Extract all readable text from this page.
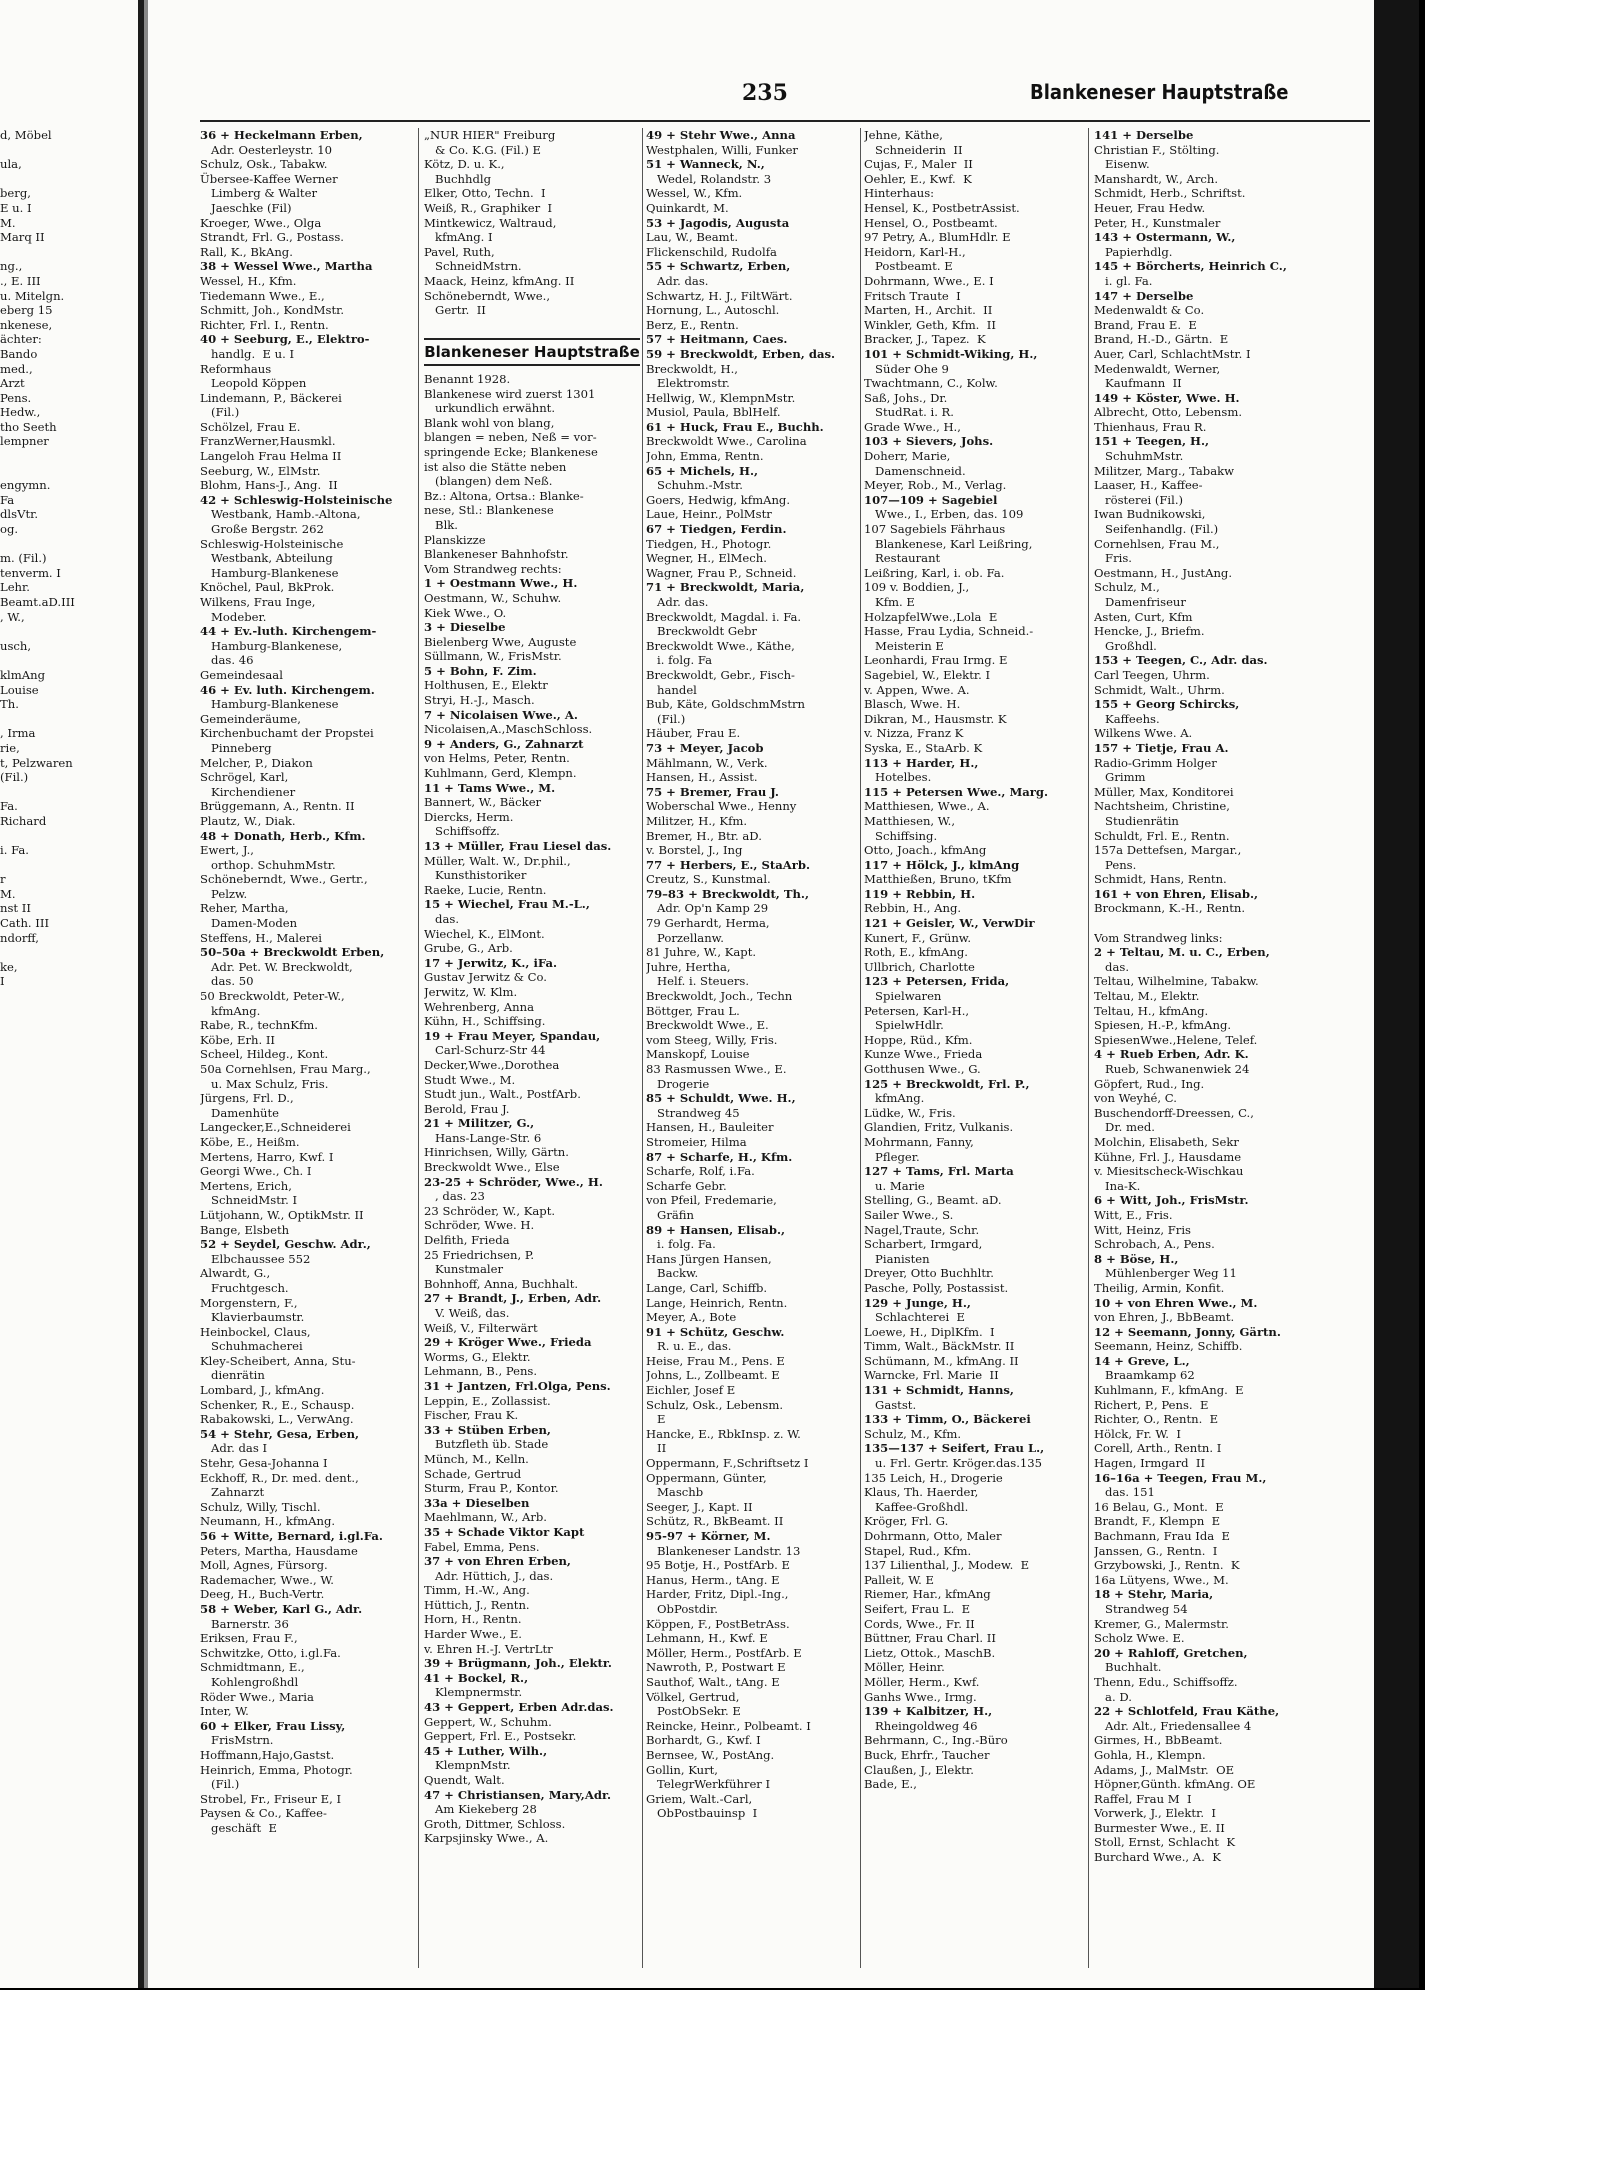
235	Blankeneser Hauptstraße

d, Möbel

ula,

berg,

E u. I

M.

Marq II

ng.,

., E. III

u. Mitelgn.

eberg 15

nkenese,

ächter:

Bando

med.,

Arzt

Pens.

Hedw.,

tho Seeth

lempner

engymn.

Fa

dlsVtr.

og.

m. (Fil.)

tenverm. I

Lehr.

Beamt.aD.III

, W.,

usch,

klmAng

Louise

Th.

, Irma

rie,

t, Pelzwaren

(Fil.)

Fa.

Richard

i. Fa.

r

M.

nst II

Cath. III

ndorff,

ke,

I

36 + Heckelmann Erben,

Adr. Oesterleystr. 10

Schulz, Osk., Tabakw.

Übersee-Kaffee Werner

Limberg & Walter

Jaeschke (Fil)

Kroeger, Wwe., Olga

Strandt, Frl. G., Postass.

Rall, K., BkAng.

38 + Wessel Wwe., Martha

Wessel, H., Kfm.

Tiedemann Wwe., E.,

Schmitt, Joh., KondMstr.

Richter, Frl. I., Rentn.

40 + Seeburg, E., Elektro-

handlg.  E u. I

Reformhaus

Leopold Köppen

Lindemann, P., Bäckerei

(Fil.)

Schölzel, Frau E.

FranzWerner,Hausmkl.

Langeloh Frau Helma II

Seeburg, W., ElMstr.

Blohm, Hans-J., Ang.  II

42 + Schleswig-Holsteinische

Westbank, Hamb.-Altona,

Große Bergstr. 262

Schleswig-Holsteinische

Westbank, Abteilung

Hamburg-Blankenese

Knöchel, Paul, BkProk.

Wilkens, Frau Inge,

Modeber.

44 + Ev.-luth. Kirchengem-

Hamburg-Blankenese,

das. 46

Gemeindesaal

46 + Ev. luth. Kirchengem.

Hamburg-Blankenese

Gemeinderäume,

Kirchenbuchamt der Propstei

Pinneberg

Melcher, P., Diakon

Schrögel, Karl,

Kirchendiener

Brüggemann, A., Rentn. II

Plautz, W., Diak.

48 + Donath, Herb., Kfm.

Ewert, J.,

orthop. SchuhmMstr.

Schöneberndt, Wwe., Gertr.,

Pelzw.

Reher, Martha,

Damen-Moden

Steffens, H., Malerei

50–50a + Breckwoldt Erben,

Adr. Pet. W. Breckwoldt,

das. 50

50 Breckwoldt, Peter-W.,

kfmAng.

Rabe, R., technKfm.

Köbe, Erh. II

Scheel, Hildeg., Kont.

50a Cornehlsen, Frau Marg.,

u. Max Schulz, Fris.

Jürgens, Frl. D.,

Damenhüte

Langecker,E.,Schneiderei

Köbe, E., Heißm.

Mertens, Harro, Kwf. I

Georgi Wwe., Ch. I

Mertens, Erich,

SchneidMstr. I

Lütjohann, W., OptikMstr. II

Bange, Elsbeth

52 + Seydel, Geschw. Adr.,

Elbchaussee 552

Alwardt, G.,

Fruchtgesch.

Morgenstern, F.,

Klavierbaumstr.

Heinbockel, Claus,

Schuhmacherei

Kley-Scheibert, Anna, Stu-

dienrätin

Lombard, J., kfmAng.

Schenker, R., E., Schausp.

Rabakowski, L., VerwAng.

54 + Stehr, Gesa, Erben,

Adr. das I

Stehr, Gesa-Johanna I

Eckhoff, R., Dr. med. dent.,

Zahnarzt

Schulz, Willy, Tischl.

Neumann, H., kfmAng.

56 + Witte, Bernard, i.gl.Fa.

Peters, Martha, Hausdame

Moll, Agnes, Fürsorg.

Rademacher, Wwe., W.

Deeg, H., Buch-Vertr.

58 + Weber, Karl G., Adr.

Barnerstr. 36

Eriksen, Frau F.,

Schwitzke, Otto, i.gl.Fa.

Schmidtmann, E.,

Kohlengroßhdl

Röder Wwe., Maria

Inter, W.

60 + Elker, Frau Lissy,

FrisMstrn.

Hoffmann,Hajo,Gastst.

Heinrich, Emma, Photogr.

(Fil.)

Strobel, Fr., Friseur E, I

Paysen & Co., Kaffee-

geschäft  E

„NUR HIER" Freiburg

& Co. K.G. (Fil.) E

Kötz, D. u. K.,

Buchhdlg

Elker, Otto, Techn.  I

Weiß, R., Graphiker  I

Mintkewicz, Waltraud,

kfmAng. I

Pavel, Ruth,

SchneidMstrn.

Maack, Heinz, kfmAng. II

Schöneberndt, Wwe.,

Gertr.  II

Blankeneser Hauptstraße

Benannt 1928.

Blankenese wird zuerst 1301

urkundlich erwähnt.

Blank wohl von blang,

blangen = neben, Neß = vor-

springende Ecke; Blankenese

ist also die Stätte neben

(blangen) dem Neß.

Bz.: Altona, Ortsa.: Blanke-

nese, Stl.: Blankenese

Blk.

Planskizze

Blankeneser Bahnhofstr.

Vom Strandweg rechts:

1 + Oestmann Wwe., H.

Oestmann, W., Schuhw.

Kiek Wwe., O.

3 + Dieselbe

Bielenberg Wwe, Auguste

Süllmann, W., FrisMstr.

5 + Bohn, F. Zim.

Holthusen, E., Elektr

Stryi, H.-J., Masch.

7 + Nicolaisen Wwe., A.

Nicolaisen,A.,MaschSchloss.

9 + Anders, G., Zahnarzt

von Helms, Peter, Rentn.

Kuhlmann, Gerd, Klempn.

11 + Tams Wwe., M.

Bannert, W., Bäcker

Diercks, Herm.

Schiffsoffz.

13 + Müller, Frau Liesel das.

Müller, Walt. W., Dr.phil.,

Kunsthistoriker

Raeke, Lucie, Rentn.

15 + Wiechel, Frau M.-L.,

das.

Wiechel, K., ElMont.

Grube, G., Arb.

17 + Jerwitz, K., iFa.

Gustav Jerwitz & Co.

Jerwitz, W. Klm.

Wehrenberg, Anna

Kühn, H., Schiffsing.

19 + Frau Meyer, Spandau,

Carl-Schurz-Str 44

Decker,Wwe.,Dorothea

Studt Wwe., M.

Studt jun., Walt., PostfArb.

Berold, Frau J.

21 + Militzer, G.,

Hans-Lange-Str. 6

Hinrichsen, Willy, Gärtn.

Breckwoldt Wwe., Else

23-25 + Schröder, Wwe., H.

, das. 23

23 Schröder, W., Kapt.

Schröder, Wwe. H.

Delfith, Frieda

25 Friedrichsen, P.

Kunstmaler

Bohnhoff, Anna, Buchhalt.

27 + Brandt, J., Erben, Adr.

V. Weiß, das.

Weiß, V., Filterwärt

29 + Kröger Wwe., Frieda

Worms, G., Elektr.

Lehmann, B., Pens.

31 + Jantzen, Frl.Olga, Pens.

Leppin, E., Zollassist.

Fischer, Frau K.

33 + Stüben Erben,

Butzfleth üb. Stade

Münch, M., Kelln.

Schade, Gertrud

Sturm, Frau P., Kontor.

33a + Dieselben

Maehlmann, W., Arb.

35 + Schade Viktor Kapt

Fabel, Emma, Pens.

37 + von Ehren Erben,

Adr. Hüttich, J., das.

Timm, H.-W., Ang.

Hüttich, J., Rentn.

Horn, H., Rentn.

Harder Wwe., E.

v. Ehren H.-J. VertrLtr

39 + Brügmann, Joh., Elektr.

41 + Bockel, R.,

Klempnermstr.

43 + Geppert, Erben Adr.das.

Geppert, W., Schuhm.

Geppert, Frl. E., Postsekr.

45 + Luther, Wilh.,

KlempnMstr.

Quendt, Walt.

47 + Christiansen, Mary,Adr.

Am Kiekeberg 28

Groth, Dittmer, Schloss.

Karpsjinsky Wwe., A.

49 + Stehr Wwe., Anna

Westphalen, Willi, Funker

51 + Wanneck, N.,

Wedel, Rolandstr. 3

Wessel, W., Kfm.

Quinkardt, M.

53 + Jagodis, Augusta

Lau, W., Beamt.

Flickenschild, Rudolfa

55 + Schwartz, Erben,

Adr. das.

Schwartz, H. J., FiltWärt.

Hornung, L., Autoschl.

Berz, E., Rentn.

57 + Heitmann, Caes.

59 + Breckwoldt, Erben, das.

Breckwoldt, H.,

Elektromstr.

Hellwig, W., KlempnMstr.

Musiol, Paula, BblHelf.

61 + Huck, Frau E., Buchh.

Breckwoldt Wwe., Carolina

John, Emma, Rentn.

65 + Michels, H.,

Schuhm.-Mstr.

Goers, Hedwig, kfmAng.

Laue, Heinr., PolMstr

67 + Tiedgen, Ferdin.

Tiedgen, H., Photogr.

Wegner, H., ElMech.

Wagner, Frau P., Schneid.

71 + Breckwoldt, Maria,

Adr. das.

Breckwoldt, Magdal. i. Fa.

Breckwoldt Gebr

Breckwoldt Wwe., Käthe,

i. folg. Fa

Breckwoldt, Gebr., Fisch-

handel

Bub, Käte, GoldschmMstrn

(Fil.)

Häuber, Frau E.

73 + Meyer, Jacob

Mählmann, W., Verk.

Hansen, H., Assist.

75 + Bremer, Frau J.

Woberschal Wwe., Henny

Militzer, H., Kfm.

Bremer, H., Btr. aD.

v. Borstel, J., Ing

77 + Herbers, E., StaArb.

Creutz, S., Kunstmal.

79–83 + Breckwoldt, Th.,

Adr. Op'n Kamp 29

79 Gerhardt, Herma,

Porzellanw.

81 Juhre, W., Kapt.

Juhre, Hertha,

Helf. i. Steuers.

Breckwoldt, Joch., Techn

Böttger, Frau L.

Breckwoldt Wwe., E.

vom Steeg, Willy, Fris.

Manskopf, Louise

83 Rasmussen Wwe., E.

Drogerie

85 + Schuldt, Wwe. H.,

Strandweg 45

Hansen, H., Bauleiter

Stromeier, Hilma

87 + Scharfe, H., Kfm.

Scharfe, Rolf, i.Fa.

Scharfe Gebr.

von Pfeil, Fredemarie,

Gräfin

89 + Hansen, Elisab.,

i. folg. Fa.

Hans Jürgen Hansen,

Backw.

Lange, Carl, Schiffb.

Lange, Heinrich, Rentn.

Meyer, A., Bote

91 + Schütz, Geschw.

R. u. E., das.

Heise, Frau M., Pens. E

Johns, L., Zollbeamt. E

Eichler, Josef E

Schulz, Osk., Lebensm.

E

Hancke, E., RbkInsp. z. W.

II

Oppermann, F.,Schriftsetz I

Oppermann, Günter,

Maschb

Seeger, J., Kapt. II

Schütz, R., BkBeamt. II

95-97 + Körner, M.

Blankeneser Landstr. 13

95 Botje, H., PostfArb. E

Hanus, Herm., tAng. E

Harder, Fritz, Dipl.-Ing.,

ObPostdir.

Köppen, F., PostBetrAss.

Lehmann, H., Kwf. E

Möller, Herm., PostfArb. E

Nawroth, P., Postwart E

Sauthof, Walt., tAng. E

Völkel, Gertrud,

PostObSekr. E

Reincke, Heinr., Polbeamt. I

Borhardt, G., Kwf. I

Bernsee, W., PostAng.

Gollin, Kurt,

TelegrWerkführer I

Griem, Walt.-Carl,

ObPostbauinsp  I

Jehne, Käthe,

Schneiderin  II

Cujas, F., Maler  II

Oehler, E., Kwf.  K

Hinterhaus:

Hensel, K., PostbetrAssist.

Hensel, O., Postbeamt.

97 Petry, A., BlumHdlr. E

Heidorn, Karl-H.,

Postbeamt. E

Dohrmann, Wwe., E. I

Fritsch Traute  I

Marten, H., Archit.  II

Winkler, Geth, Kfm.  II

Bracker, J., Tapez.  K

101 + Schmidt-Wiking, H.,

Süder Ohe 9

Twachtmann, C., Kolw.

Saß, Johs., Dr.

StudRat. i. R.

Grade Wwe., H.,

103 + Sievers, Johs.

Doherr, Marie,

Damenschneid.

Meyer, Rob., M., Verlag.

107—109 + Sagebiel

Wwe., I., Erben, das. 109

107 Sagebiels Fährhaus

Blankenese, Karl Leißring,

Restaurant

Leißring, Karl, i. ob. Fa.

109 v. Boddien, J.,

Kfm. E

HolzapfelWwe.,Lola  E

Hasse, Frau Lydia, Schneid.-

Meisterin E

Leonhardi, Frau Irmg. E

Sagebiel, W., Elektr. I

v. Appen, Wwe. A.

Blasch, Wwe. H.

Dikran, M., Hausmstr. K

v. Nizza, Franz K

Syska, E., StaArb. K

113 + Harder, H.,

Hotelbes.

115 + Petersen Wwe., Marg.

Matthiesen, Wwe., A.

Matthiesen, W.,

Schiffsing.

Otto, Joach., kfmAng

117 + Hölck, J., klmAng

Matthießen, Bruno, tKfm

119 + Rebbin, H.

Rebbin, H., Ang.

121 + Geisler, W., VerwDir

Kunert, F., Grünw.

Roth, E., kfmAng.

Ullbrich, Charlotte

123 + Petersen, Frida,

Spielwaren

Petersen, Karl-H.,

SpielwHdlr.

Hoppe, Rüd., Kfm.

Kunze Wwe., Frieda

Gotthusen Wwe., G.

125 + Breckwoldt, Frl. P.,

kfmAng.

Lüdke, W., Fris.

Glandien, Fritz, Vulkanis.

Mohrmann, Fanny,

Pfleger.

127 + Tams, Frl. Marta

u. Marie

Stelling, G., Beamt. aD.

Sailer Wwe., S.

Nagel,Traute, Schr.

Scharbert, Irmgard,

Pianisten

Dreyer, Otto Buchhltr.

Pasche, Polly, Postassist.

129 + Junge, H.,

Schlachterei  E

Loewe, H., DiplKfm.  I

Timm, Walt., BäckMstr. II

Schümann, M., kfmAng. II

Warncke, Frl. Marie  II

131 + Schmidt, Hanns,

Gastst.

133 + Timm, O., Bäckerei

Schulz, M., Kfm.

135—137 + Seifert, Frau L.,

u. Frl. Gertr. Kröger.das.135

135 Leich, H., Drogerie

Klaus, Th. Haerder,

Kaffee-Großhdl.

Kröger, Frl. G.

Dohrmann, Otto, Maler

Stapel, Rud., Kfm.

137 Lilienthal, J., Modew.  E

Palleit, W. E

Riemer, Har., kfmAng

Seifert, Frau L.  E

Cords, Wwe., Fr. II

Büttner, Frau Charl. II

Lietz, Ottok., MaschB.

Möller, Heinr.

Möller, Herm., Kwf.

Ganhs Wwe., Irmg.

139 + Kalbitzer, H.,

Rheingoldweg 46

Behrmann, C., Ing.-Büro

Buck, Ehrfr., Taucher

Claußen, J., Elektr.

Bade, E.,

141 + Derselbe

Christian F., Stölting.

Eisenw.

Manshardt, W., Arch.

Schmidt, Herb., Schriftst.

Heuer, Frau Hedw.

Peter, H., Kunstmaler

143 + Ostermann, W.,

Papierhdlg.

145 + Börcherts, Heinrich C.,

i. gl. Fa.

147 + Derselbe

Medenwaldt & Co.

Brand, Frau E.  E

Brand, H.-D., Gärtn.  E

Auer, Carl, SchlachtMstr. I

Medenwaldt, Werner,

Kaufmann  II

149 + Köster, Wwe. H.

Albrecht, Otto, Lebensm.

Thienhaus, Frau R.

151 + Teegen, H.,

SchuhmMstr.

Militzer, Marg., Tabakw

Laaser, H., Kaffee-

rösterei (Fil.)

Iwan Budnikowski,

Seifenhandlg. (Fil.)

Cornehlsen, Frau M.,

Fris.

Oestmann, H., JustAng.

Schulz, M.,

Damenfriseur

Asten, Curt, Kfm

Hencke, J., Briefm.

Großhdl.

153 + Teegen, C., Adr. das.

Carl Teegen, Uhrm.

Schmidt, Walt., Uhrm.

155 + Georg Schircks,

Kaffeehs.

Wilkens Wwe. A.

157 + Tietje, Frau A.

Radio-Grimm Holger

Grimm

Müller, Max, Konditorei

Nachtsheim, Christine,

Studienrätin

Schuldt, Frl. E., Rentn.

157a Dettefsen, Margar.,

Pens.

Schmidt, Hans, Rentn.

161 + von Ehren, Elisab.,

Brockmann, K.-H., Rentn.

Vom Strandweg links:

2 + Teltau, M. u. C., Erben,

das.

Teltau, Wilhelmine, Tabakw.

Teltau, M., Elektr.

Teltau, H., kfmAng.

Spiesen, H.-P., kfmAng.

SpiesenWwe.,Helene, Telef.

4 + Rueb Erben, Adr. K.

Rueb, Schwanenwiek 24

Göpfert, Rud., Ing.

von Weyhé, C.

Buschendorff-Dreessen, C.,

Dr. med.

Molchin, Elisabeth, Sekr

Kühne, Frl. J., Hausdame

v. Miesitscheck-Wischkau

Ina-K.

6 + Witt, Joh., FrisMstr.

Witt, E., Fris.

Witt, Heinz, Fris

Schrobach, A., Pens.

8 + Böse, H.,

Mühlenberger Weg 11

Theilig, Armin, Konfit.

10 + von Ehren Wwe., M.

von Ehren, J., BbBeamt.

12 + Seemann, Jonny, Gärtn.

Seemann, Heinz, Schiffb.

14 + Greve, L.,

Braamkamp 62

Kuhlmann, F., kfmAng.  E

Richert, P., Pens.  E

Richter, O., Rentn.  E

Hölck, Fr. W.  I

Corell, Arth., Rentn. I

Hagen, Irmgard  II

16–16a + Teegen, Frau M.,

das. 151

16 Belau, G., Mont.  E

Brandt, F., Klempn  E

Bachmann, Frau Ida  E

Janssen, G., Rentn.  I

Grzybowski, J., Rentn.  K

16a Lütyens, Wwe., M.

18 + Stehr, Maria,

Strandweg 54

Kremer, G., Malermstr.

Scholz Wwe. E.

20 + Rahloff, Gretchen,

Buchhalt.

Thenn, Edu., Schiffsoffz.

a. D.

22 + Schlotfeld, Frau Käthe,

Adr. Alt., Friedensallee 4

Girmes, H., BbBeamt.

Gohla, H., Klempn.

Adams, J., MalMstr.  OE

Höpner,Günth. kfmAng. OE

Raffel, Frau M  I

Vorwerk, J., Elektr.  I

Burmester Wwe., E. II

Stoll, Ernst, Schlacht  K

Burchard Wwe., A.  K
